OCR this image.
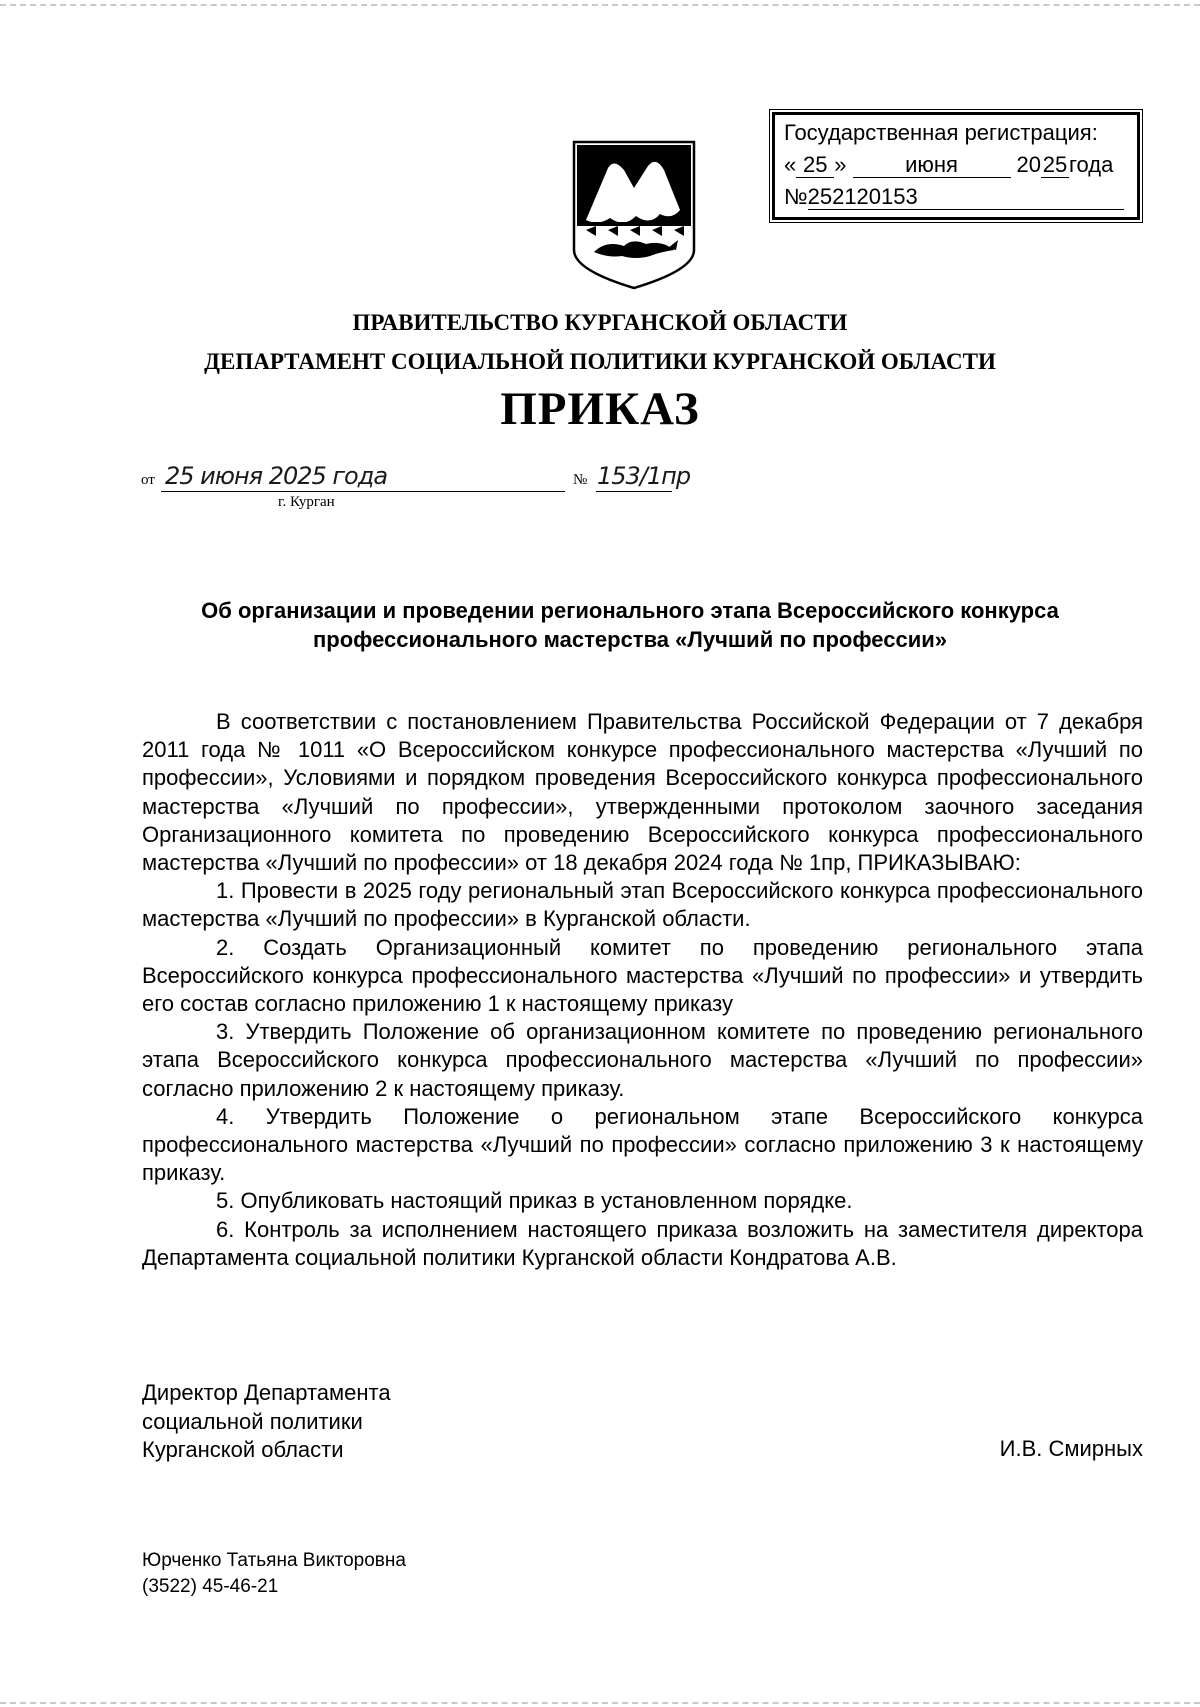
Государственная регистрация:
« 25 »	июня	2025года
№252120153
ПРАВИТЕЛЬСТВО КУРГАНСКОЙ ОБЛАСТИ
ДЕПАРТАМЕНТ СОЦИАЛЬНОЙ ПОЛИТИКИ КУРГАНСКОЙ ОБЛАСТИ
ПРИКАЗ
от 25 июня 2025 года	№ 153/1пр
г. Курган
Об организации и проведении регионального этапа Всероссийского конкурса
профессионального мастерства «Лучший по профессии»

В соответствии с постановлением Правительства Российской Федерации от 7 декабря 2011 года № 1011 «О Всероссийском конкурсе профессионального мастерства «Лучший по профессии», Условиями и порядком проведения Всероссийского конкурса профессионального мастерства «Лучший по профессии», утвержденными протоколом заочного заседания Организационного комитета по проведению Всероссийского конкурса профессионального мастерства «Лучший по профессии» от 18 декабря 2024 года № 1пр, ПРИКАЗЫВАЮ:

1. Провести в 2025 году региональный этап Всероссийского конкурса профессионального мастерства «Лучший по профессии» в Курганской области.

2. Создать Организационный комитет по проведению регионального этапа Всероссийского конкурса профессионального мастерства «Лучший по профессии» и утвердить его состав согласно приложению 1 к настоящему приказу

3. Утвердить Положение об организационном комитете по проведению регионального этапа Всероссийского конкурса профессионального мастерства «Лучший по профессии» согласно приложению 2 к настоящему приказу.

4. Утвердить Положение о региональном этапе Всероссийского конкурса профессионального мастерства «Лучший по профессии» согласно приложению 3 к настоящему приказу.

5. Опубликовать настоящий приказ в установленном порядке.

6. Контроль за исполнением настоящего приказа возложить на заместителя директора Департамента социальной политики Курганской области Кондратова А.В.

Директор Департамента
социальной политики
Курганской области	И.В. Смирных
Юрченко Татьяна Викторовна
(3522) 45-46-21
